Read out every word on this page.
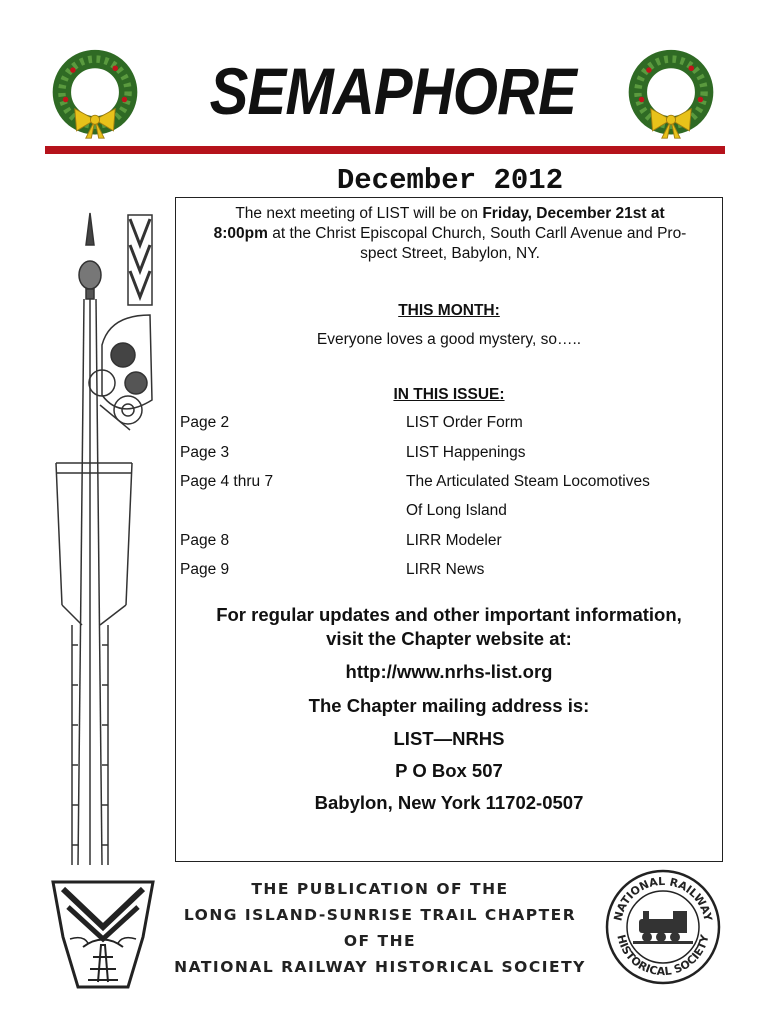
SEMAPHORE
December 2012
The next meeting of LIST will be on Friday, December 21st at
8:00pm at the Christ Episcopal Church, South Carll Avenue and Pro-
spect Street, Babylon, NY.
THIS MONTH:
Everyone loves a good mystery, so…..
IN THIS ISSUE:
Page 2	LIST Order Form
Page 3	LIST Happenings
Page 4 thru 7	The Articulated Steam Locomotives
Of Long Island
Page 8	LIRR Modeler
Page 9	LIRR News
For regular updates and other important information,
visit the Chapter website at:
http://www.nrhs-list.org
The Chapter mailing address is:
LIST—NRHS
P O Box 507
Babylon, New York 11702-0507
THE PUBLICATION OF THE
LONG ISLAND-SUNRISE TRAIL CHAPTER
OF THE
NATIONAL RAILWAY HISTORICAL SOCIETY
NATIONAL RAILWAY
HISTORICAL SOCIETY
